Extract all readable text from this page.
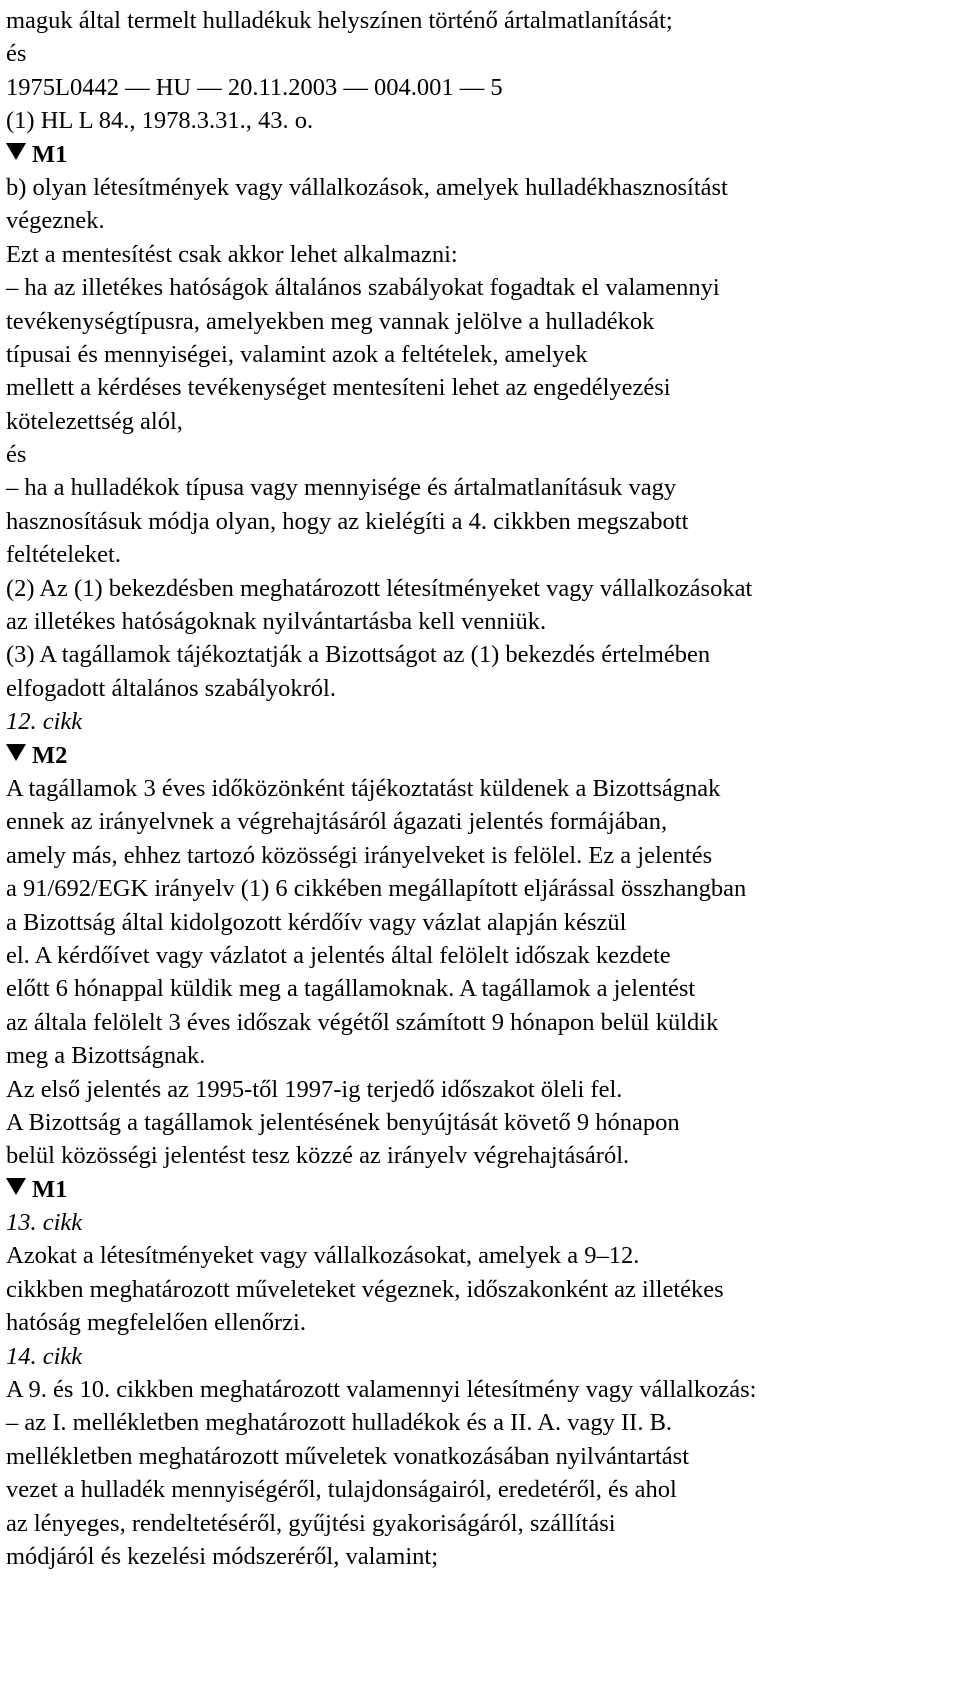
maguk által termelt hulladékuk helyszínen történő ártalmatlanítását;
és
1975L0442 — HU — 20.11.2003 — 004.001 — 5
(1) HL L 84., 1978.3.31., 43. o.
M1
b) olyan létesítmények vagy vállalkozások, amelyek hulladékhasznosítást
végeznek.
Ezt a mentesítést csak akkor lehet alkalmazni:
– ha az illetékes hatóságok általános szabályokat fogadtak el valamennyi
tevékenységtípusra, amelyekben meg vannak jelölve a hulladékok
típusai és mennyiségei, valamint azok a feltételek, amelyek
mellett a kérdéses tevékenységet mentesíteni lehet az engedélyezési
kötelezettség alól,
és
– ha a hulladékok típusa vagy mennyisége és ártalmatlanításuk vagy
hasznosításuk módja olyan, hogy az kielégíti a 4. cikkben megszabott
feltételeket.
(2) Az (1) bekezdésben meghatározott létesítményeket vagy vállalkozásokat
az illetékes hatóságoknak nyilvántartásba kell venniük.
(3) A tagállamok tájékoztatják a Bizottságot az (1) bekezdés értelmében
elfogadott általános szabályokról.
12. cikk
M2
A tagállamok 3 éves időközönként tájékoztatást küldenek a Bizottságnak
ennek az irányelvnek a végrehajtásáról ágazati jelentés formájában,
amely más, ehhez tartozó közösségi irányelveket is felölel. Ez a jelentés
a 91/692/EGK irányelv (1) 6 cikkében megállapított eljárással összhangban
a Bizottság által kidolgozott kérdőív vagy vázlat alapján készül
el. A kérdőívet vagy vázlatot a jelentés által felölelt időszak kezdete
előtt 6 hónappal küldik meg a tagállamoknak. A tagállamok a jelentést
az általa felölelt 3 éves időszak végétől számított 9 hónapon belül küldik
meg a Bizottságnak.
Az első jelentés az 1995-től 1997-ig terjedő időszakot öleli fel.
A Bizottság a tagállamok jelentésének benyújtását követő 9 hónapon
belül közösségi jelentést tesz közzé az irányelv végrehajtásáról.
M1
13. cikk
Azokat a létesítményeket vagy vállalkozásokat, amelyek a 9–12.
cikkben meghatározott műveleteket végeznek, időszakonként az illetékes
hatóság megfelelően ellenőrzi.
14. cikk
A 9. és 10. cikkben meghatározott valamennyi létesítmény vagy vállalkozás:
– az I. mellékletben meghatározott hulladékok és a II. A. vagy II. B.
mellékletben meghatározott műveletek vonatkozásában nyilvántartást
vezet a hulladék mennyiségéről, tulajdonságairól, eredetéről, és ahol
az lényeges, rendeltetéséről, gyűjtési gyakoriságáról, szállítási
módjáról és kezelési módszeréről, valamint;
